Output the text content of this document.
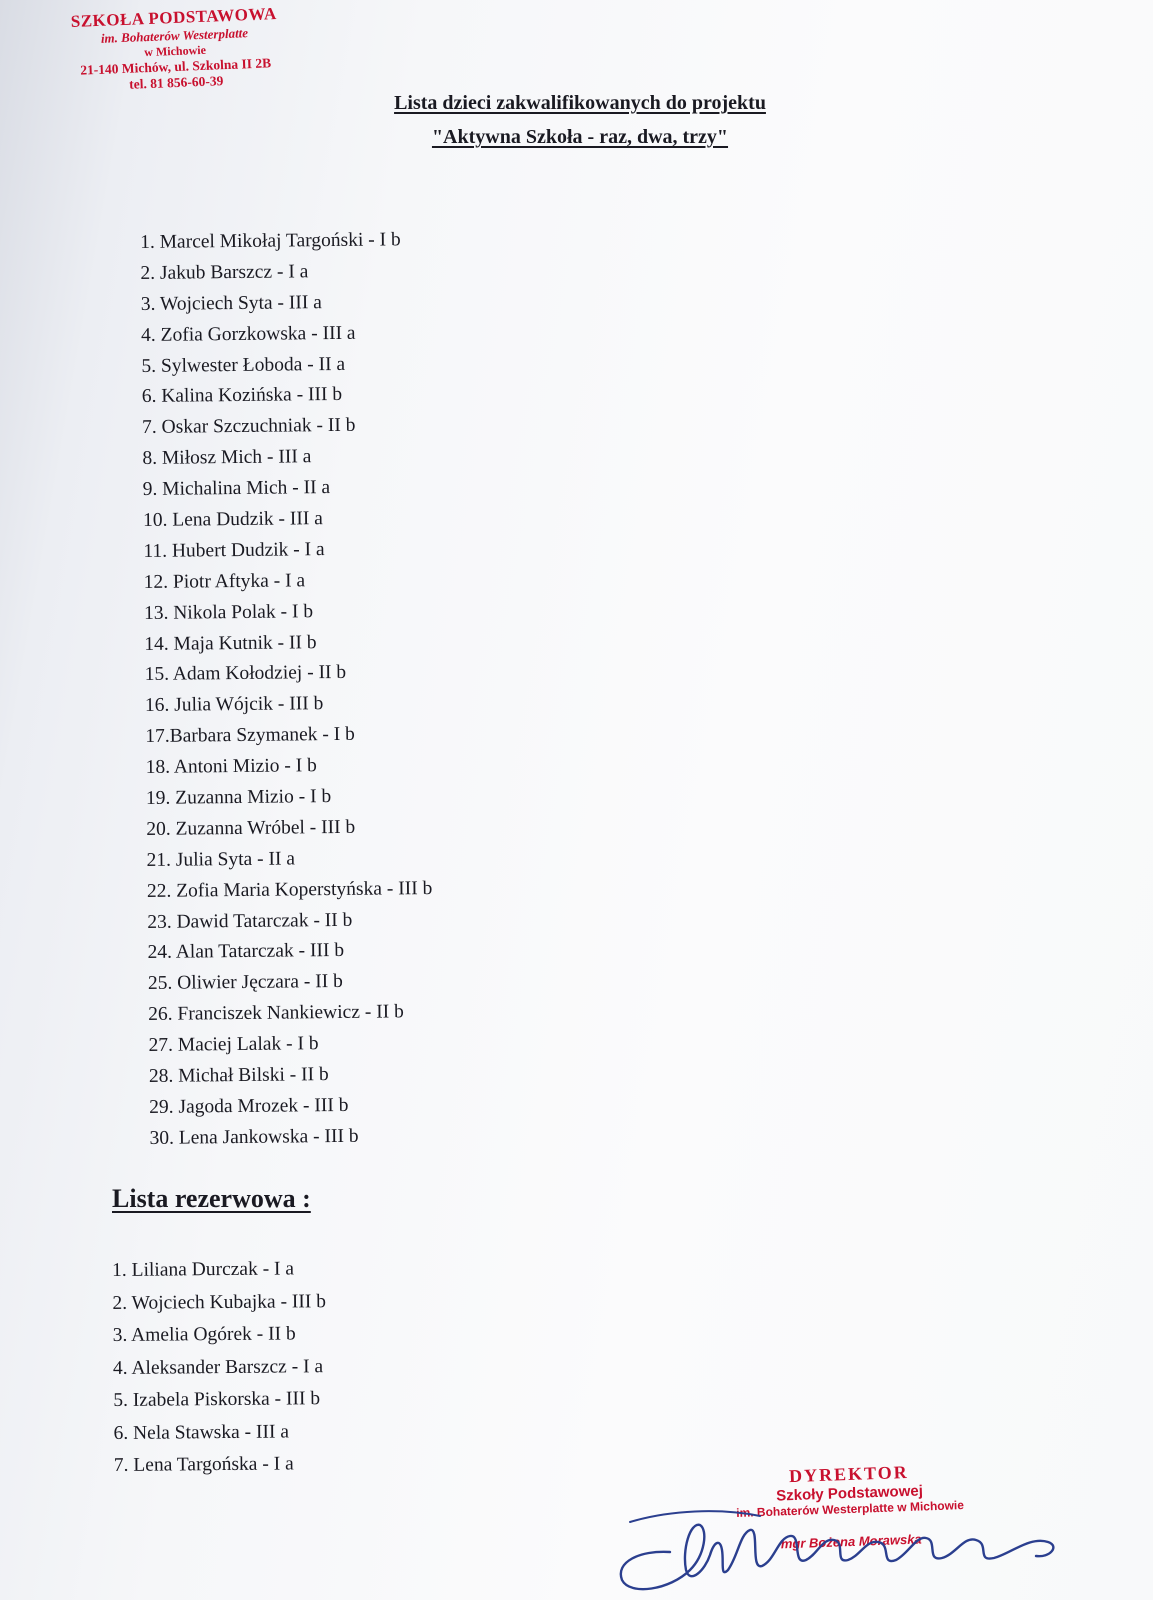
SZKOŁA PODSTAWOWA
im. Bohaterów Westerplatte
w Michowie
21-140 Michów, ul. Szkolna II 2B
tel. 81 856-60-39
Lista dzieci zakwalifikowanych do projektu
"Aktywna Szkoła - raz, dwa, trzy"
1. Marcel Mikołaj Targoński - I b
2. Jakub Barszcz - I a
3. Wojciech Syta - III a
4. Zofia Gorzkowska - III a
5. Sylwester Łoboda - II a
6. Kalina Kozińska - III b
7. Oskar Szczuchniak - II b
8. Miłosz Mich - III a
9. Michalina Mich - II a
10. Lena Dudzik - III a
11. Hubert Dudzik - I a
12. Piotr Aftyka - I a
13. Nikola Polak - I b
14. Maja Kutnik - II b
15. Adam Kołodziej - II b
16. Julia Wójcik - III b
17.Barbara Szymanek - I b
18. Antoni Mizio - I b
19. Zuzanna Mizio - I b
20. Zuzanna Wróbel - III b
21. Julia Syta - II a
22. Zofia Maria Koperstyńska - III b
23. Dawid Tatarczak - II b
24. Alan Tatarczak - III b
25. Oliwier Jęczara - II b
26. Franciszek Nankiewicz - II b
27. Maciej Lalak - I b
28. Michał Bilski - II b
29. Jagoda Mrozek - III b
30. Lena Jankowska - III b
Lista rezerwowa :
1. Liliana Durczak - I a
2. Wojciech Kubajka - III b
3. Amelia Ogórek - II b
4. Aleksander Barszcz - I a
5. Izabela Piskorska - III b
6. Nela Stawska - III a
7. Lena Targońska - I a	DYREKTOR
Szkoły Podstawowej
im. Bohaterów Westerplatte w Michowie
mgr Bożena Morawska
